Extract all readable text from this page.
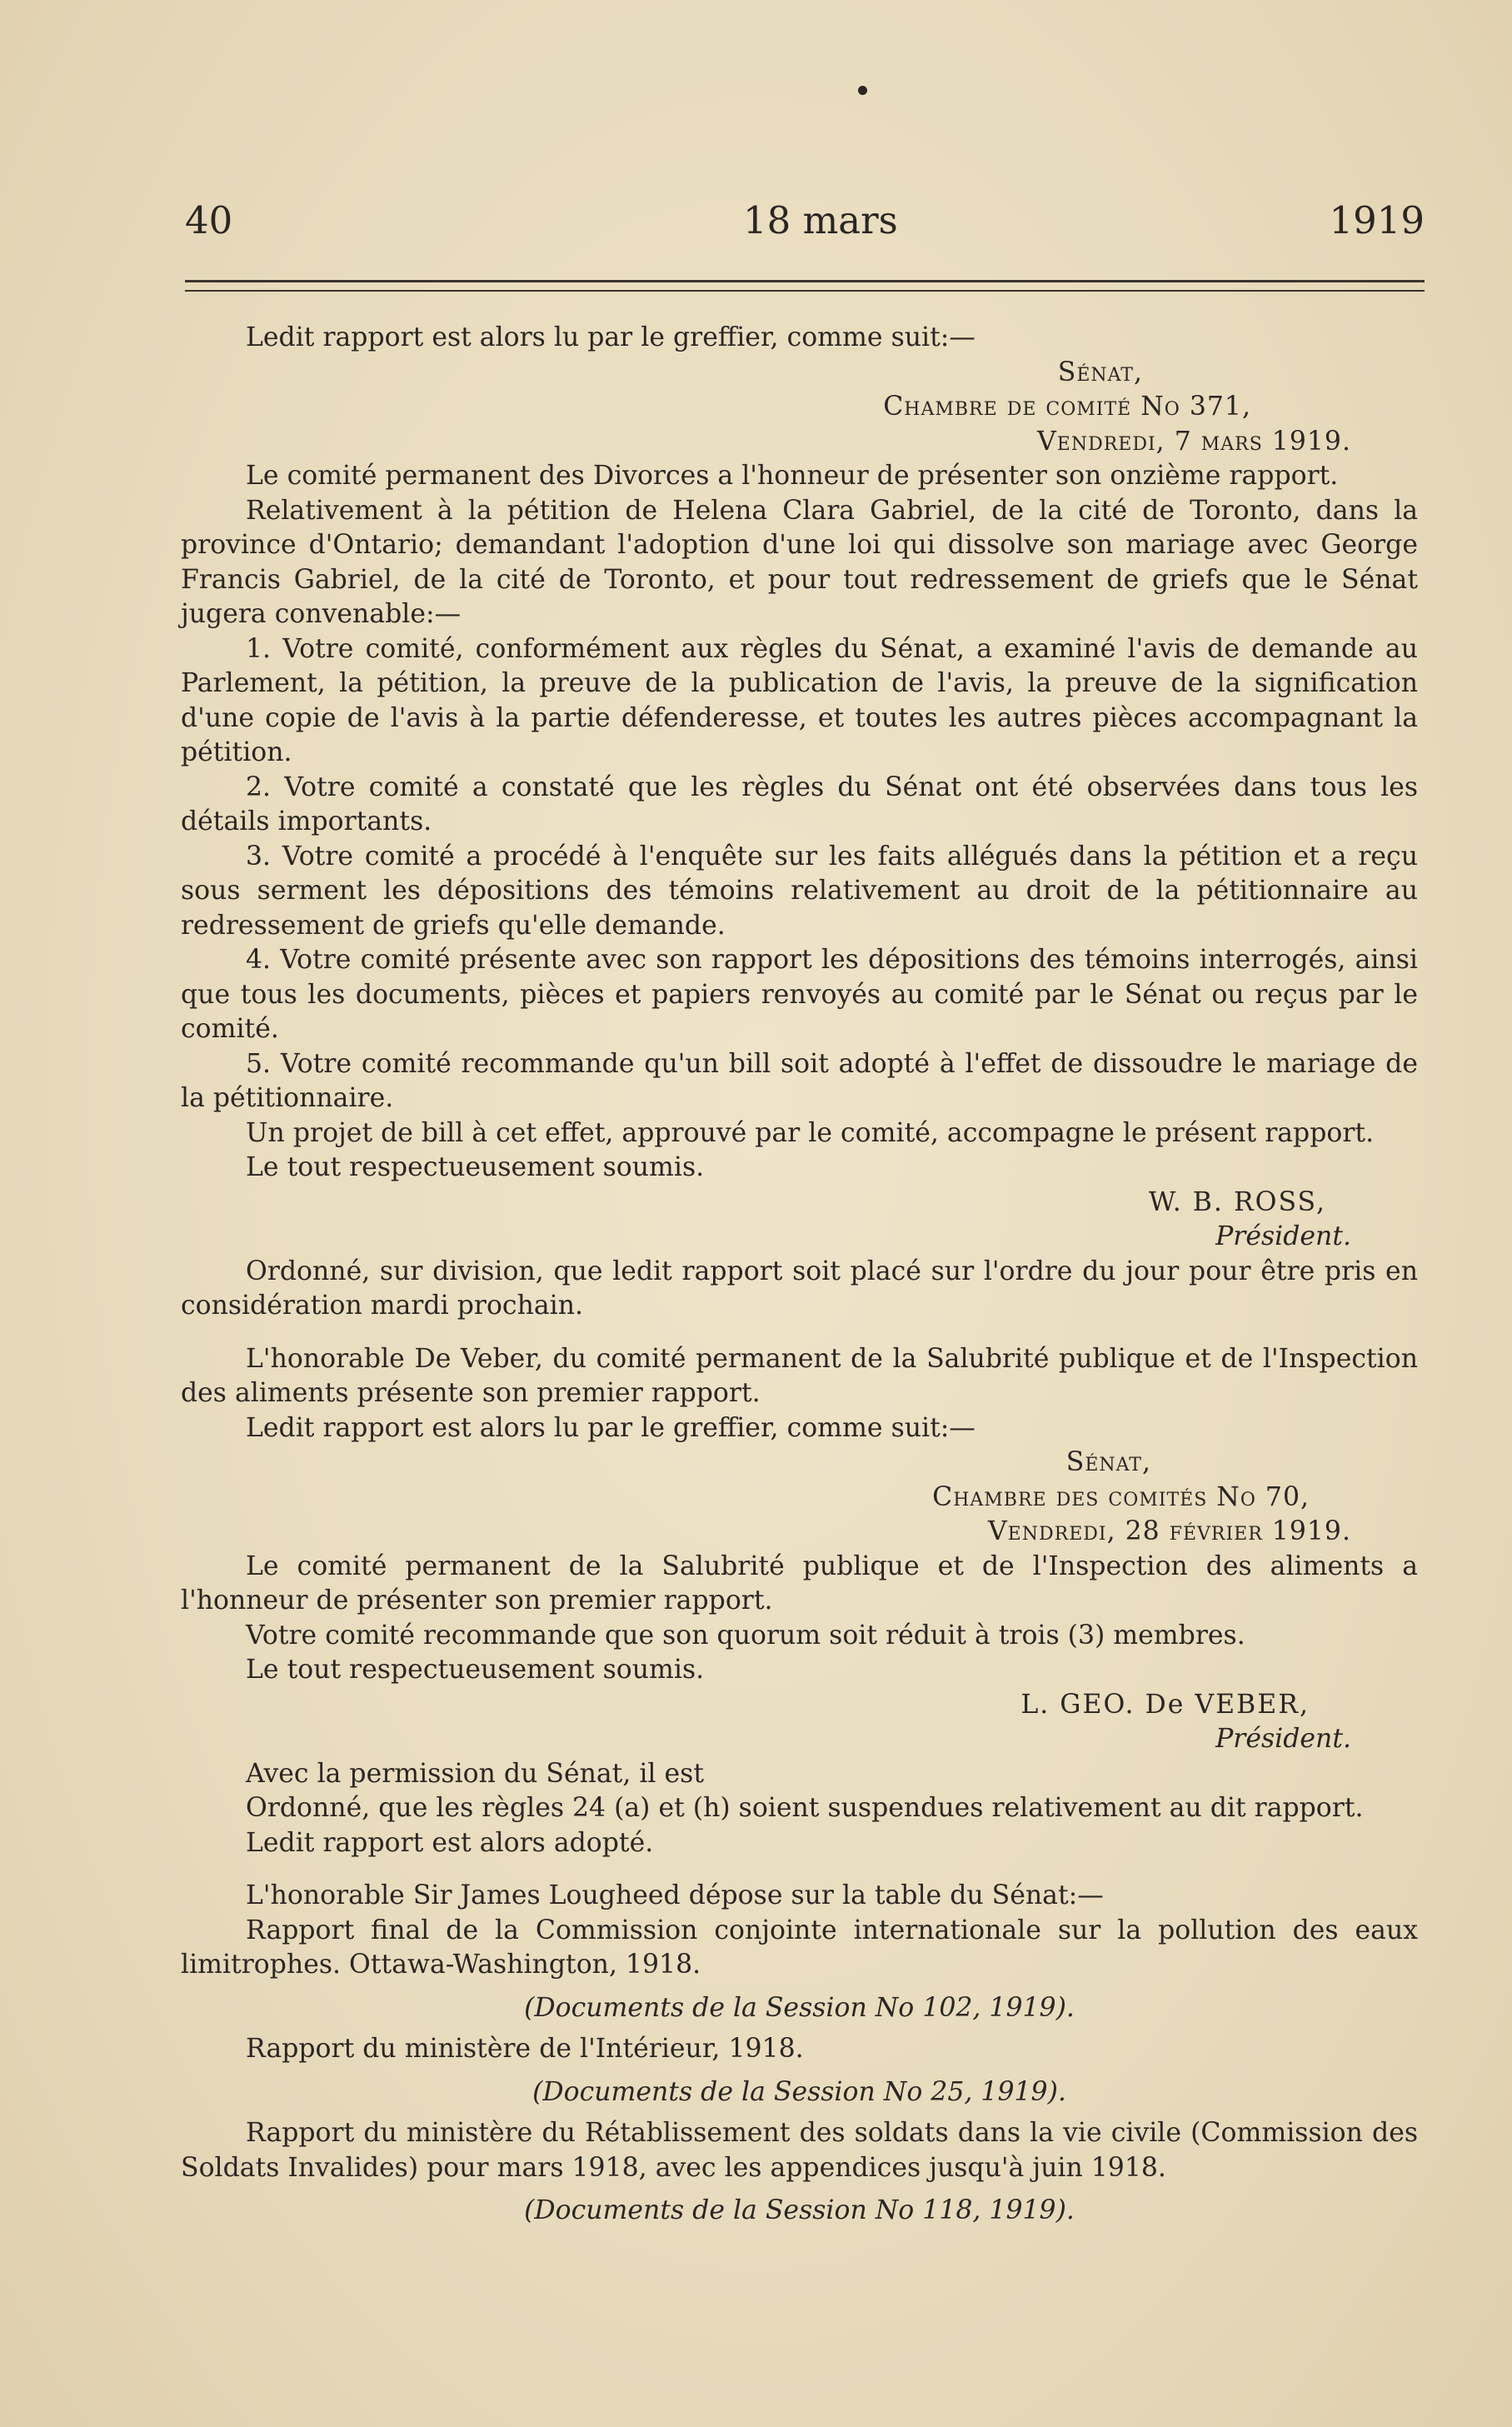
40	18 mars	1919

Ledit rapport est alors lu par le greffier, comme suit:—

Sénat,

Chambre de comité No 371,

Vendredi, 7 mars 1919.

Le comité permanent des Divorces a l'honneur de présenter son onzième rapport.

Relativement à la pétition de Helena Clara Gabriel, de la cité de Toronto, dans la province d'Ontario; demandant l'adoption d'une loi qui dissolve son mariage avec George Francis Gabriel, de la cité de Toronto, et pour tout redressement de griefs que le Sénat jugera convenable:—

1. Votre comité, conformément aux règles du Sénat, a examiné l'avis de demande au Parlement, la pétition, la preuve de la publication de l'avis, la preuve de la signification d'une copie de l'avis à la partie défenderesse, et toutes les autres pièces accompagnant la pétition.

2. Votre comité a constaté que les règles du Sénat ont été observées dans tous les détails importants.

3. Votre comité a procédé à l'enquête sur les faits allégués dans la pétition et a reçu sous serment les dépositions des témoins relativement au droit de la pétitionnaire au redressement de griefs qu'elle demande.

4. Votre comité présente avec son rapport les dépositions des témoins interrogés, ainsi que tous les documents, pièces et papiers renvoyés au comité par le Sénat ou reçus par le comité.

5. Votre comité recommande qu'un bill soit adopté à l'effet de dissoudre le mariage de la pétitionnaire.

Un projet de bill à cet effet, approuvé par le comité, accompagne le présent rapport.

Le tout respectueusement soumis.

W. B. ROSS,

Président.

Ordonné, sur division, que ledit rapport soit placé sur l'ordre du jour pour être pris en considération mardi prochain.

L'honorable De Veber, du comité permanent de la Salubrité publique et de l'Inspection des aliments présente son premier rapport.

Ledit rapport est alors lu par le greffier, comme suit:—

Sénat,

Chambre des comités No 70,

Vendredi, 28 février 1919.

Le comité permanent de la Salubrité publique et de l'Inspection des aliments a l'honneur de présenter son premier rapport.

Votre comité recommande que son quorum soit réduit à trois (3) membres.

Le tout respectueusement soumis.

L. GEO. De VEBER,

Président.

Avec la permission du Sénat, il est

Ordonné, que les règles 24 (a) et (h) soient suspendues relativement au dit rapport.

Ledit rapport est alors adopté.

L'honorable Sir James Lougheed dépose sur la table du Sénat:—

Rapport final de la Commission conjointe internationale sur la pollution des eaux limitrophes. Ottawa-Washington, 1918.

(Documents de la Session No 102, 1919).

Rapport du ministère de l'Intérieur, 1918.

(Documents de la Session No 25, 1919).

Rapport du ministère du Rétablissement des soldats dans la vie civile (Commission des Soldats Invalides) pour mars 1918, avec les appendices jusqu'à juin 1918.

(Documents de la Session No 118, 1919).
